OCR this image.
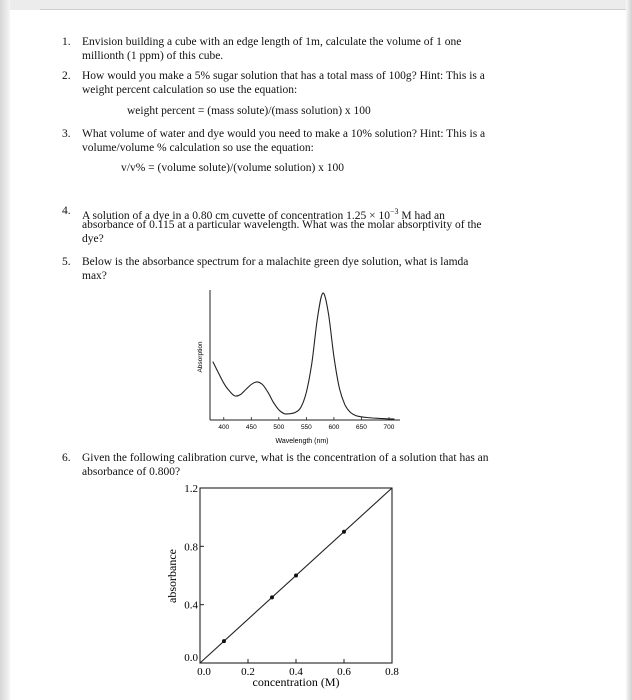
1. Envision building a cube with an edge length of 1m, calculate the volume of 1 one
millionth (1 ppm) of this cube.
2. How would you make a 5% sugar solution that has a total mass of 100g? Hint: This is a
weight percent calculation so use the equation:
weight percent = (mass solute)/(mass solution) x 100
3. What volume of water and dye would you need to make a 10% solution? Hint: This is a
volume/volume % calculation so use the equation:
v/v% = (volume solute)/(volume solution) x 100
4. A solution of a dye in a 0.80 cm cuvette of concentration $1.25 \times 10^{-3}$ M had an
absorbance of 0.115 at a particular wavelength. What was the molar absorptivity of the
dye?
5. Below is the absorbance spectrum for a malachite green dye solution, what is lamda
max?
400	450	500	550	600	650	700
Absorption
Wavelength (nm)
6. Given the following calibration curve, what is the concentration of a solution that has an
absorbance of 0.800?
0.0	0.2	0.4	0.6	0.8
0.0
0.4
0.8
1.2
absorbance
concentration (M)
